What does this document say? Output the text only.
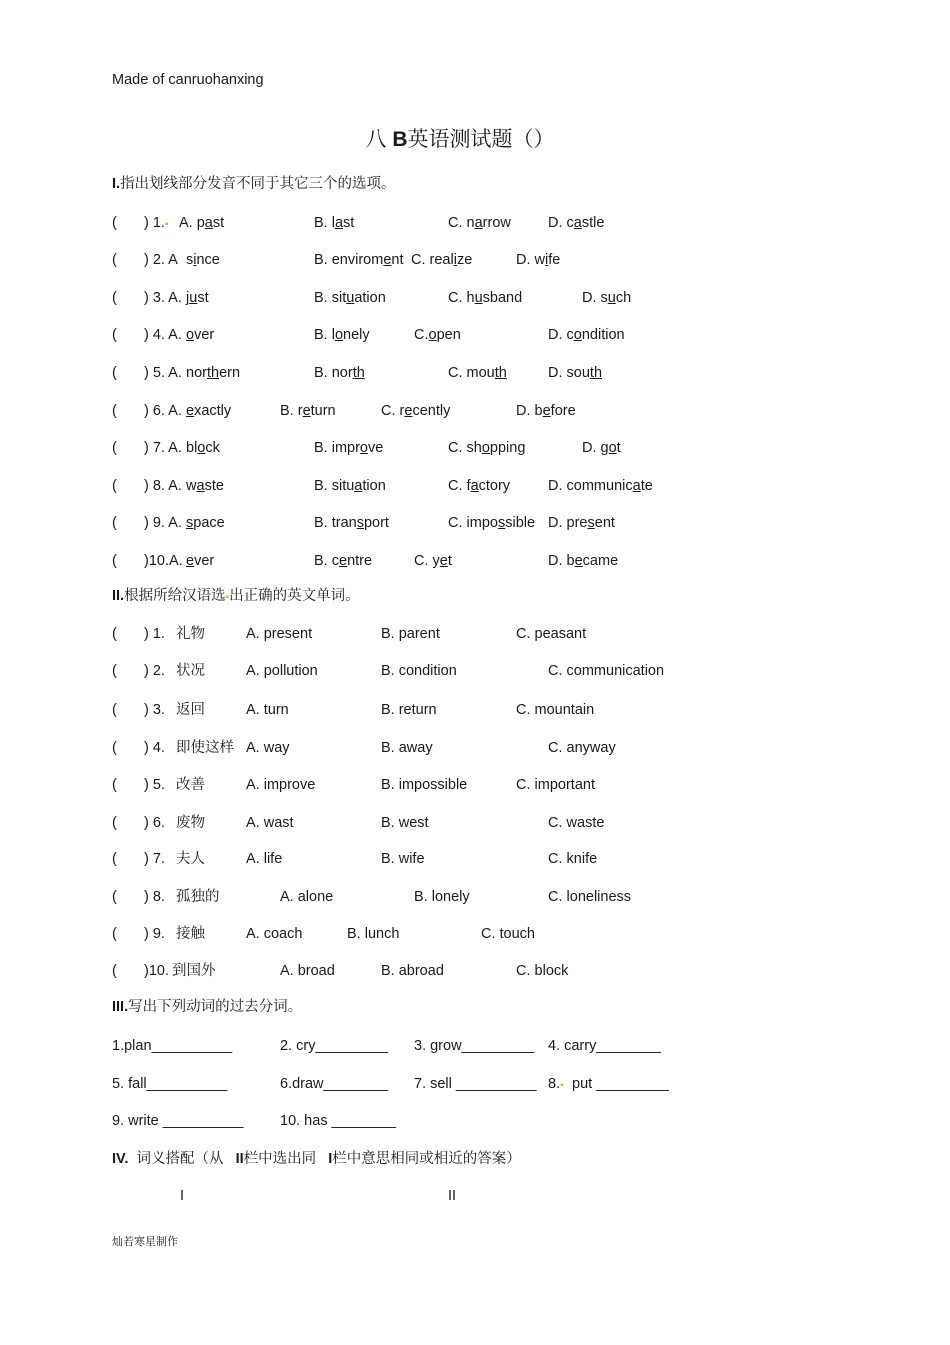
Made of canruohanxing
八 B英语测试题（）
I.指出划线部分发音不同于其它三个的选项。
( ) 1.▪ A. past	B. last	C. narrow	D. castle
( ) 2. A since	B. enviroment C. realize	D. wife
( ) 3. A. just	B. situation	C. husband	D. such
( ) 4. A. over	B. lonely	C.open	D. condition
( ) 5. A. northern	B. north	C. mouth	D. south
( ) 6. A. exactly	B. return	C. recently	D. before
( ) 7. A. block	B. improve	C. shopping	D. got
( ) 8. A. waste	B. situation	C. factory	D. communicate
( ) 9. A. space	B. transport	C. impossible D. present
( )10.A. ever	B. centre	C. yet	D. became
II.根据所给汉语选▪出正确的英文单词。
( ) 1. 礼物	A. present	B. parent	C. peasant
( ) 2. 状况	A. pollution	B. condition	C. communication
( ) 3. 返回	A. turn	B. return	C. mountain
( ) 4. 即使这样 A. way	B. away	C. anyway
( ) 5. 改善	A. improve	B. impossible	C. important
( ) 6. 废物	A. wast	B. west	C. waste
( ) 7. 夫人	A. life	B. wife	C. knife
( ) 8. 孤独的	A. alone	B. lonely	C. loneliness
( ) 9. 接触	A. coach	B. lunch	C. touch
( )10. 到国外	A. broad	B. abroad	C. block
III.写出下列动词的过去分词。
1.plan__________	2. cry_________ 3. grow_________ 4. carry________
5. fall__________	6.draw________ 7. sell __________ 8.▪ put _________
9. write __________	10. has ________
IV. 词义搭配（从 II栏中选出同 I栏中意思相同或相近的答案）
I	II
灿若寒星制作
